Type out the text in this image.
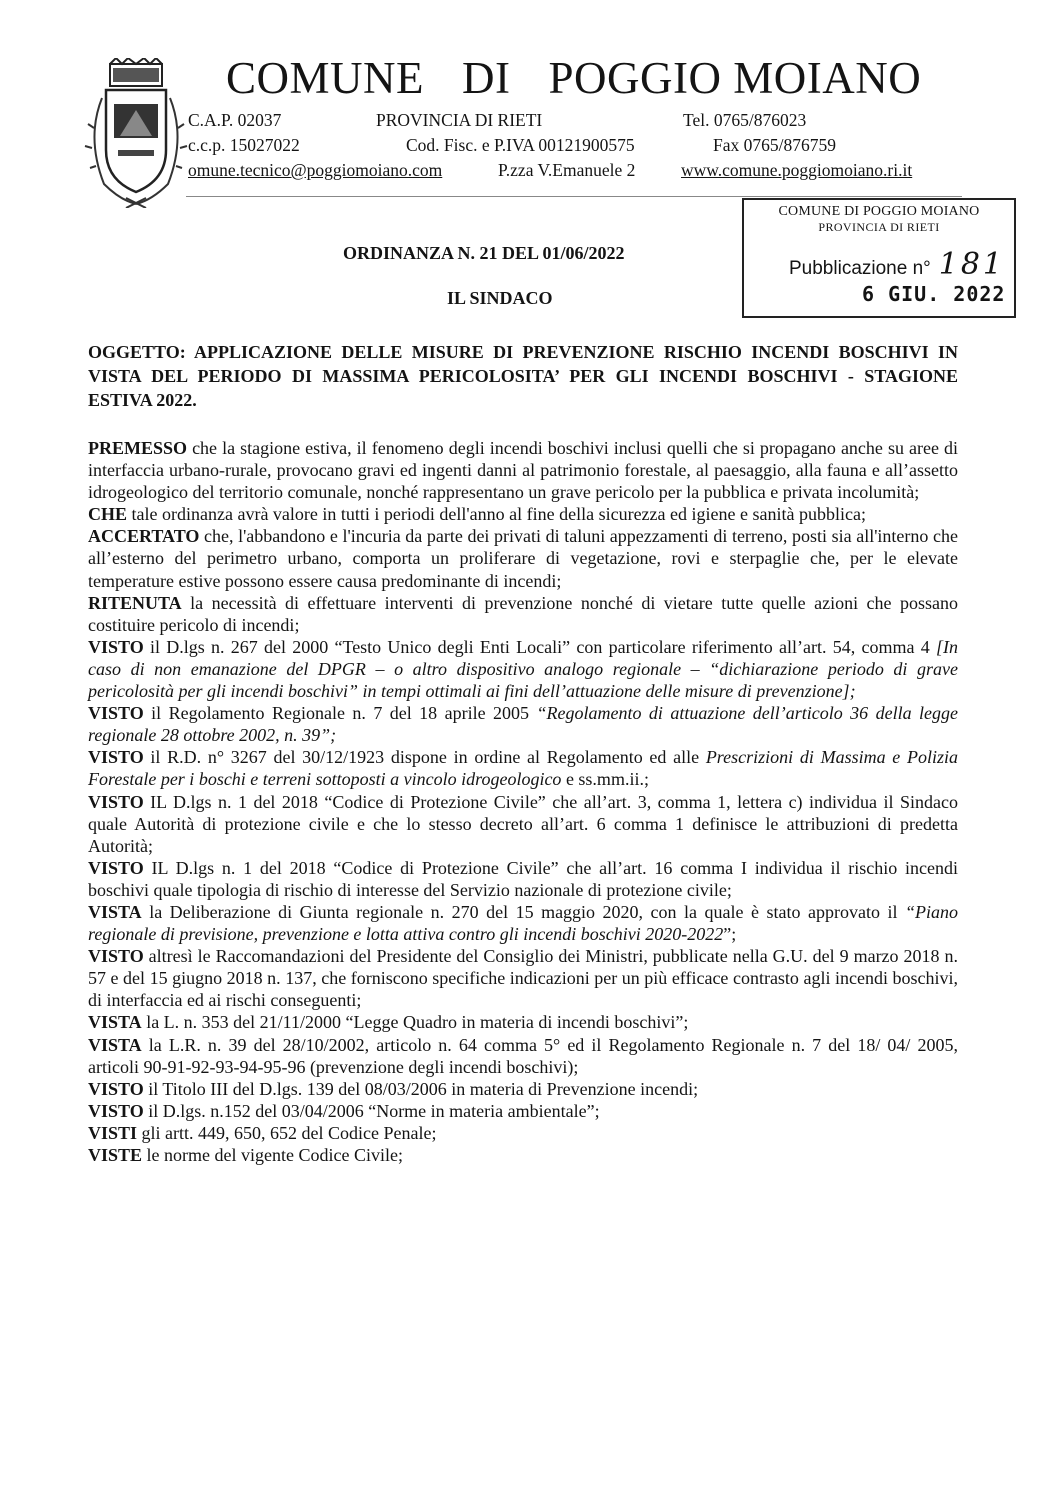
COMUNE DI POGGIO MOIANO
C.A.P. 02037	PROVINCIA DI RIETI	Tel. 0765/876023
c.c.p. 15027022	Cod. Fisc. e P.IVA 00121900575	Fax 0765/876759
omune.tecnico@poggiomoiano.com	P.zza V.Emanuele 2	www.comune.poggiomoiano.ri.it
COMUNE DI POGGIO MOIANO
PROVINCIA DI RIETI
Pubblicazione n° 181
6 GIU. 2022
ORDINANZA N. 21 DEL 01/06/2022
IL SINDACO
OGGETTO: APPLICAZIONE DELLE MISURE DI PREVENZIONE RISCHIO INCENDI BOSCHIVI IN VISTA DEL PERIODO DI MASSIMA PERICOLOSITA’ PER GLI INCENDI BOSCHIVI - STAGIONE ESTIVA 2022.

PREMESSO che la stagione estiva, il fenomeno degli incendi boschivi inclusi quelli che si propagano anche su aree di interfaccia urbano-rurale, provocano gravi ed ingenti danni al patrimonio forestale, al paesaggio, alla fauna e all’assetto idrogeologico del territorio comunale, nonché rappresentano un grave pericolo per la pubblica e privata incolumità;

CHE tale ordinanza avrà valore in tutti i periodi dell'anno al fine della sicurezza ed igiene e sanità pubblica;

ACCERTATO che, l'abbandono e l'incuria da parte dei privati di taluni appezzamenti di terreno, posti sia all'interno che all’esterno del perimetro urbano, comporta un proliferare di vegetazione, rovi e sterpaglie che, per le elevate temperature estive possono essere causa predominante di incendi;

RITENUTA la necessità di effettuare interventi di prevenzione nonché di vietare tutte quelle azioni che possano costituire pericolo di incendi;

VISTO il D.lgs n. 267 del 2000 “Testo Unico degli Enti Locali” con particolare riferimento all’art. 54, comma 4 [In caso di non emanazione del DPGR – o altro dispositivo analogo regionale – “dichiarazione periodo di grave pericolosità per gli incendi boschivi” in tempi ottimali ai fini dell’attuazione delle misure di prevenzione];

VISTO il Regolamento Regionale n. 7 del 18 aprile 2005 “Regolamento di attuazione dell’articolo 36 della legge regionale 28 ottobre 2002, n. 39”;

VISTO il R.D. n° 3267 del 30/12/1923 dispone in ordine al Regolamento ed alle Prescrizioni di Massima e Polizia Forestale per i boschi e terreni sottoposti a vincolo idrogeologico e ss.mm.ii.;

VISTO IL D.lgs n. 1 del 2018 “Codice di Protezione Civile” che all’art. 3, comma 1, lettera c) individua il Sindaco quale Autorità di protezione civile e che lo stesso decreto all’art. 6 comma 1 definisce le attribuzioni di predetta Autorità;

VISTO IL D.lgs n. 1 del 2018 “Codice di Protezione Civile” che all’art. 16 comma I individua il rischio incendi boschivi quale tipologia di rischio di interesse del Servizio nazionale di protezione civile;

VISTA la Deliberazione di Giunta regionale n. 270 del 15 maggio 2020, con la quale è stato approvato il “Piano regionale di previsione, prevenzione e lotta attiva contro gli incendi boschivi 2020-2022”;

VISTO altresì le Raccomandazioni del Presidente del Consiglio dei Ministri, pubblicate nella G.U. del 9 marzo 2018 n. 57 e del 15 giugno 2018 n. 137, che forniscono specifiche indicazioni per un più efficace contrasto agli incendi boschivi, di interfaccia ed ai rischi conseguenti;

VISTA la L. n. 353 del 21/11/2000 “Legge Quadro in materia di incendi boschivi”;

VISTA la L.R. n. 39 del 28/10/2002, articolo n. 64 comma 5° ed il Regolamento Regionale n. 7 del 18/ 04/ 2005, articoli 90-91-92-93-94-95-96 (prevenzione degli incendi boschivi);

VISTO il Titolo III del D.lgs. 139 del 08/03/2006 in materia di Prevenzione incendi;

VISTO il D.lgs. n.152 del 03/04/2006 “Norme in materia ambientale”;

VISTI gli artt. 449, 650, 652 del Codice Penale;

VISTE le norme del vigente Codice Civile;
